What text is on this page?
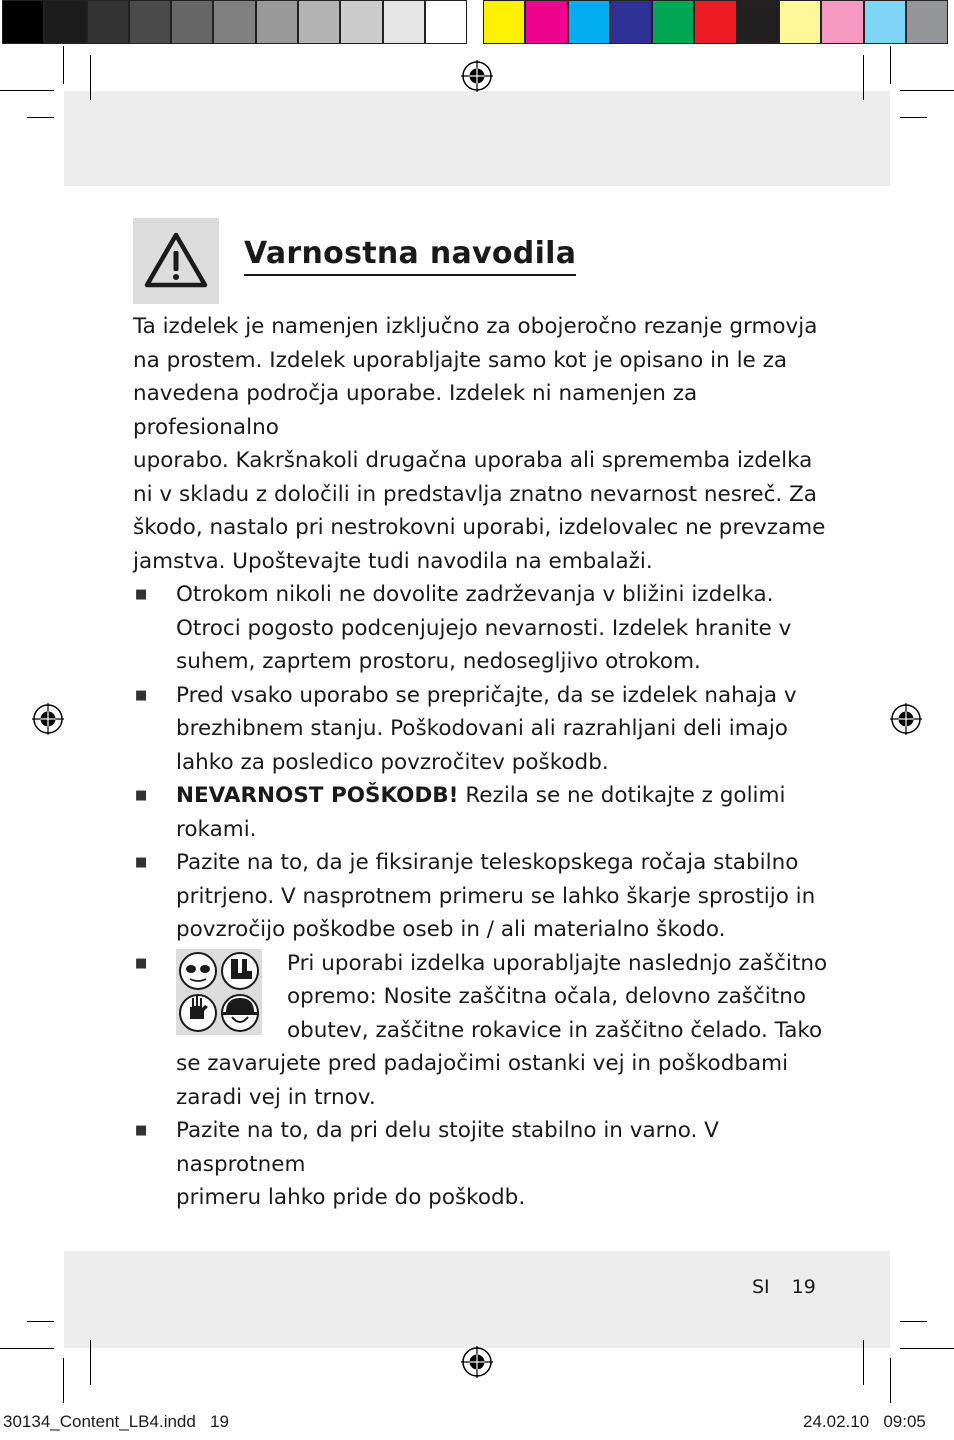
Varnostna navodila

Ta izdelek je namenjen izključno za obojeročno rezanje grmovja

na prostem. Izdelek uporabljajte samo kot je opisano in le za

navedena področja uporabe. Izdelek ni namenjen za profesionalno

uporabo. Kakršnakoli drugačna uporaba ali sprememba izdelka

ni v skladu z določili in predstavlja znatno nevarnost nesreč. Za

škodo, nastalo pri nestrokovni uporabi, izdelovalec ne prevzame

jamstva. Upoštevajte tudi navodila na embalaži.

■ Otrokom nikoli ne dovolite zadrževanja v bližini izdelka.
Otroci pogosto podcenjujejo nevarnosti. Izdelek hranite v
suhem, zaprtem prostoru, nedosegljivo otrokom.
■ Pred vsako uporabo se prepričajte, da se izdelek nahaja v
brezhibnem stanju. Poškodovani ali razrahljani deli imajo
lahko za posledico povzročitev poškodb.
■ NEVARNOST POŠKODB! Rezila se ne dotikajte z golimi
rokami.
■ Pazite na to, da je fiksiranje teleskopskega ročaja stabilno
pritrjeno. V nasprotnem primeru se lahko škarje sprostijo in
povzročijo poškodbe oseb in / ali materialno škodo.
■	Pri uporabi izdelka uporabljajte naslednjo zaščitno
opremo: Nosite zaščitna očala, delovno zaščitno
obutev, zaščitne rokavice in zaščitno čelado. Tako
se zavarujete pred padajočimi ostanki vej in poškodbami
zaradi vej in trnov.
■ Pazite na to, da pri delu stojite stabilno in varno. V nasprotnem
primeru lahko pride do poškodb.
SI 19
30134_Content_LB4.indd   19	24.02.10   09:05
